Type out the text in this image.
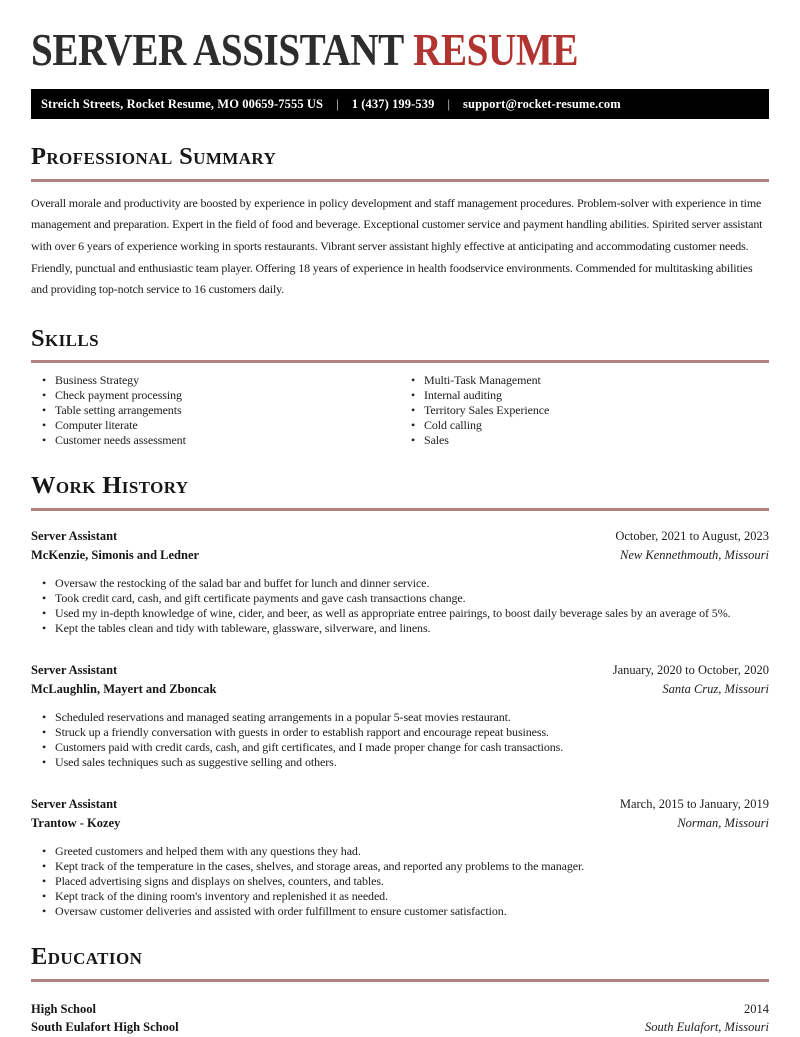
SERVER ASSISTANT RESUME
Streich Streets, Rocket Resume, MO 00659-7555 US | 1 (437) 199-539 | support@rocket-resume.com
Professional Summary

Overall morale and productivity are boosted by experience in policy development and staff management procedures. Problem-solver with experience in time management and preparation. Expert in the field of food and beverage. Exceptional customer service and payment handling abilities. Spirited server assistant with over 6 years of experience working in sports restaurants. Vibrant server assistant highly effective at anticipating and accommodating customer needs. Friendly, punctual and enthusiastic team player. Offering 18 years of experience in health foodservice environments. Commended for multitasking abilities and providing top-notch service to 16 customers daily.

Skills
• Business Strategy
• Check payment processing
• Table setting arrangements
• Computer literate
• Customer needs assessment
• Multi-Task Management
• Internal auditing
• Territory Sales Experience
• Cold calling
• Sales
Work History
Server Assistant	October, 2021 to August, 2023
McKenzie, Simonis and Ledner	New Kennethmouth, Missouri
• Oversaw the restocking of the salad bar and buffet for lunch and dinner service.
• Took credit card, cash, and gift certificate payments and gave cash transactions change.
• Used my in-depth knowledge of wine, cider, and beer, as well as appropriate entree pairings, to boost daily beverage sales by an average of 5%.
• Kept the tables clean and tidy with tableware, glassware, silverware, and linens.
Server Assistant	January, 2020 to October, 2020
McLaughlin, Mayert and Zboncak	Santa Cruz, Missouri
• Scheduled reservations and managed seating arrangements in a popular 5-seat movies restaurant.
• Struck up a friendly conversation with guests in order to establish rapport and encourage repeat business.
• Customers paid with credit cards, cash, and gift certificates, and I made proper change for cash transactions.
• Used sales techniques such as suggestive selling and others.
Server Assistant	March, 2015 to January, 2019
Trantow - Kozey	Norman, Missouri
• Greeted customers and helped them with any questions they had.
• Kept track of the temperature in the cases, shelves, and storage areas, and reported any problems to the manager.
• Placed advertising signs and displays on shelves, counters, and tables.
• Kept track of the dining room's inventory and replenished it as needed.
• Oversaw customer deliveries and assisted with order fulfillment to ensure customer satisfaction.
Education
High School	2014
South Eulafort High School	South Eulafort, Missouri
